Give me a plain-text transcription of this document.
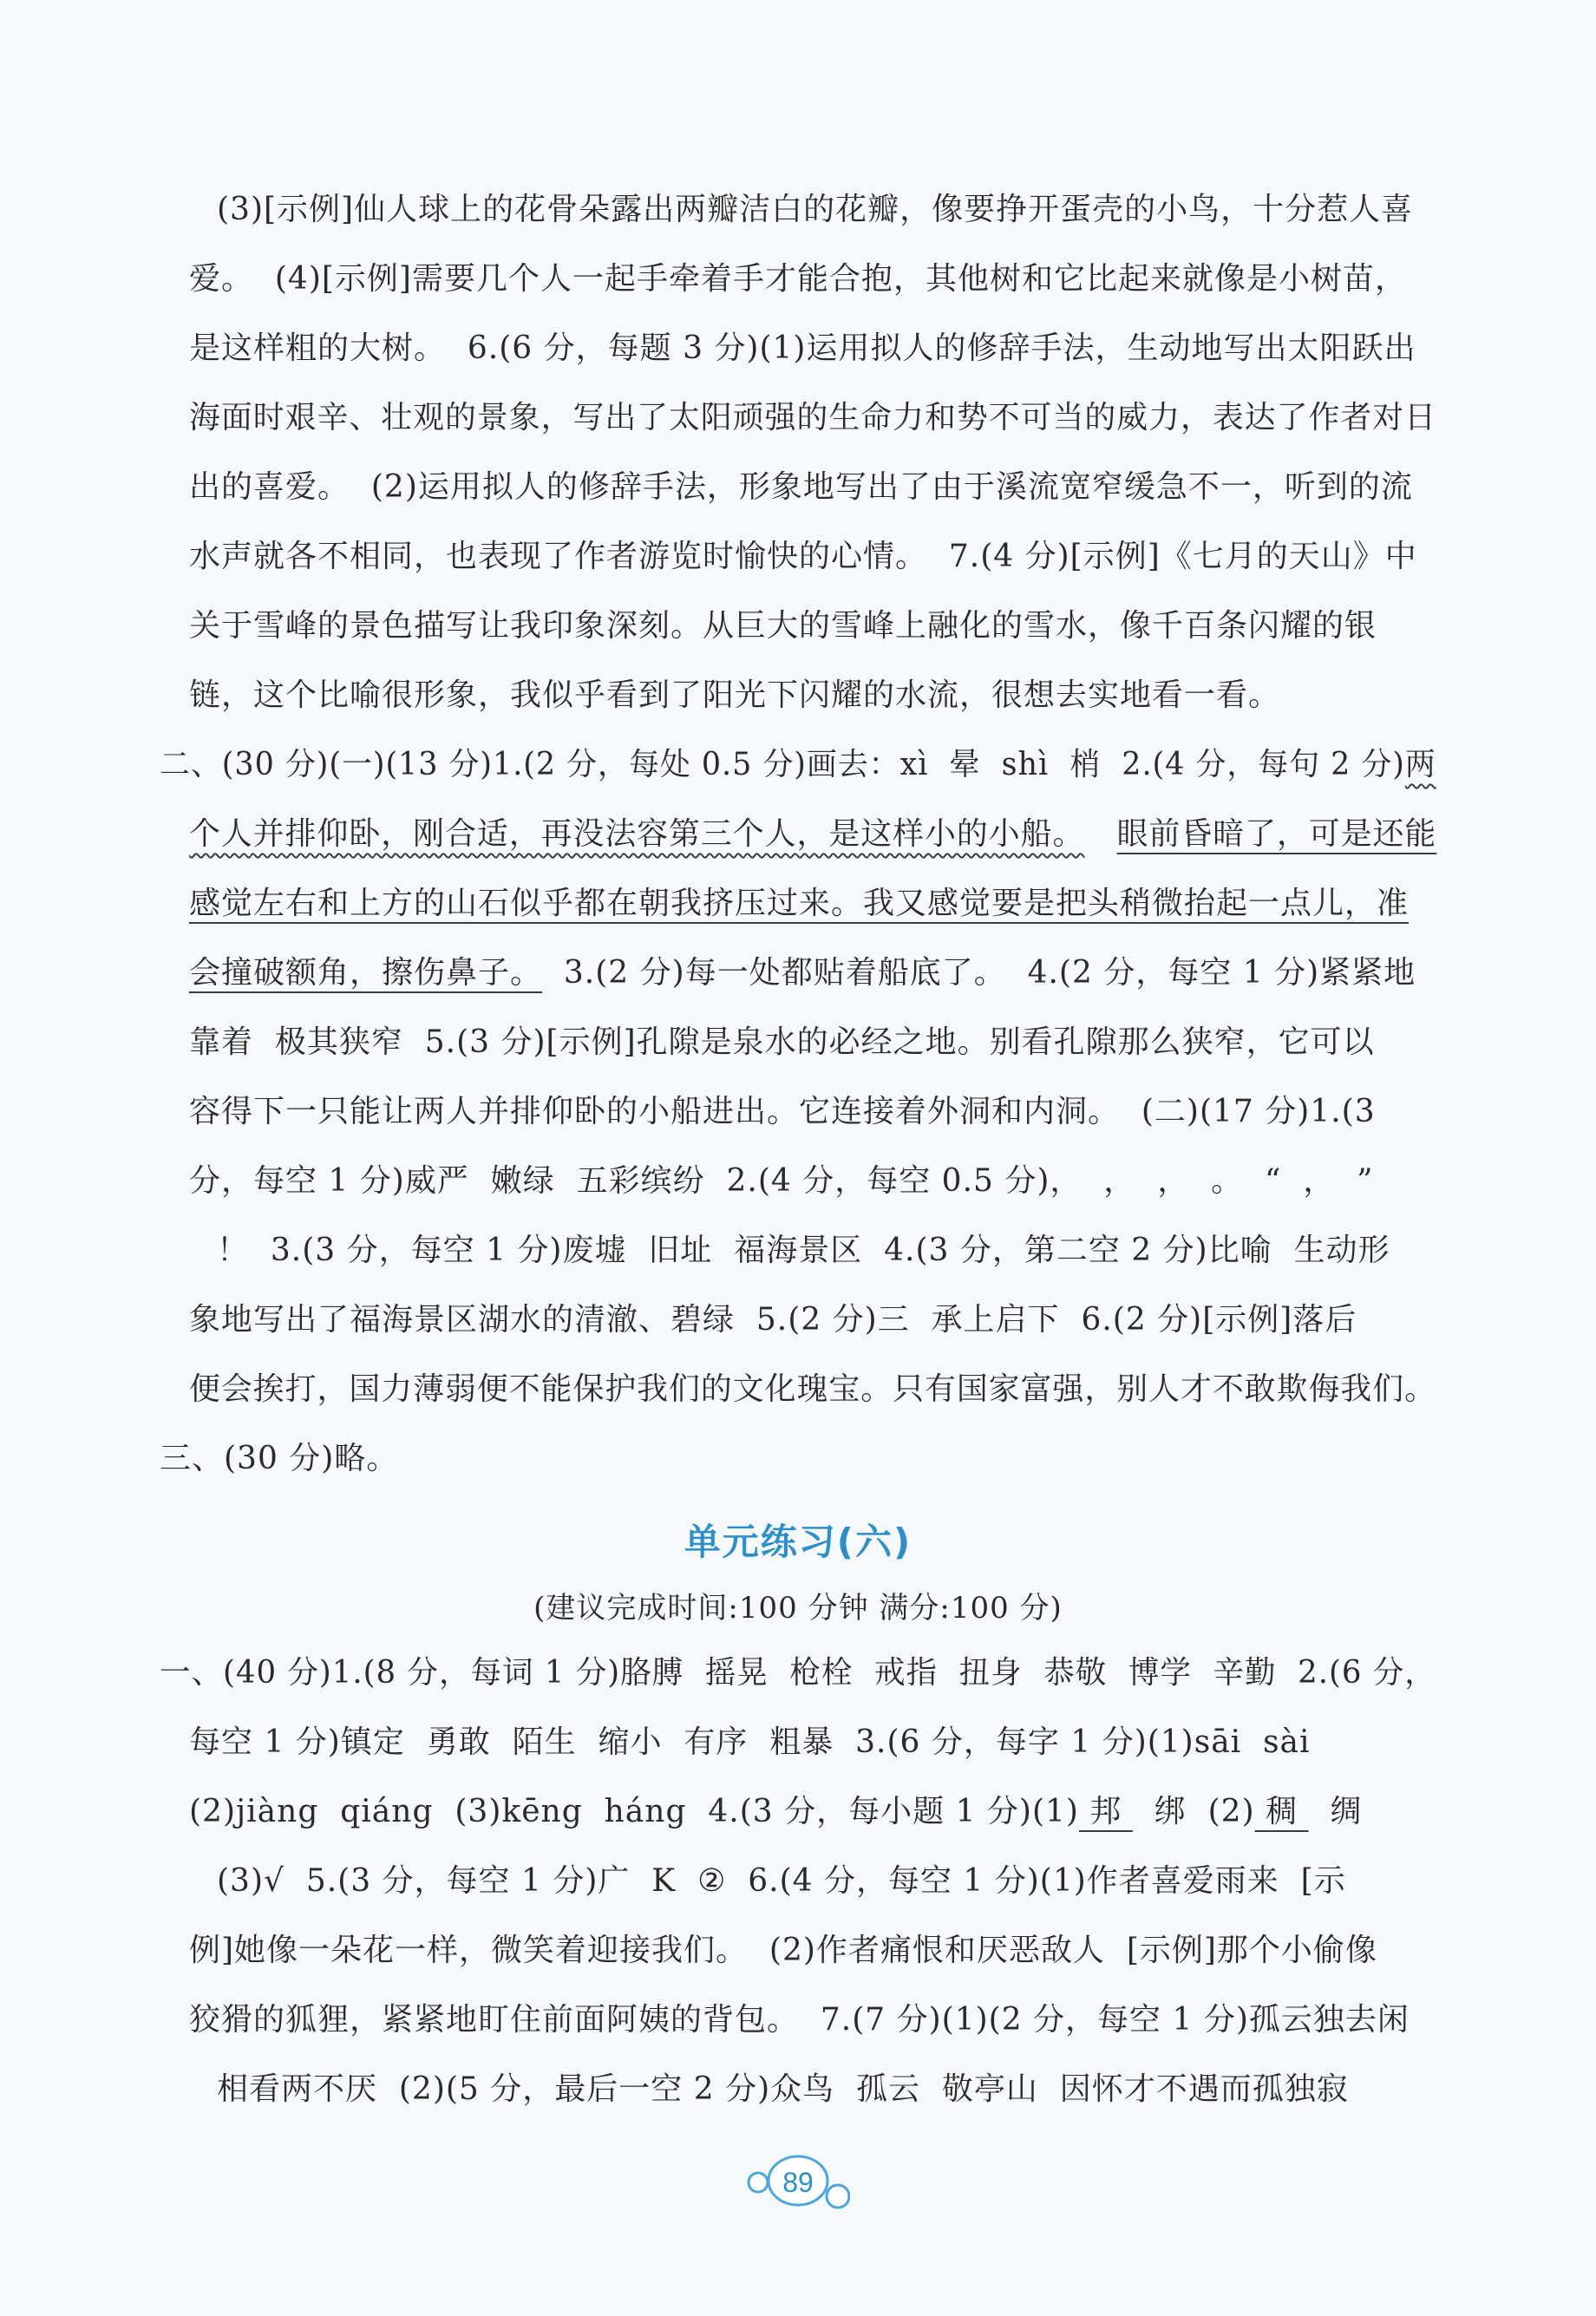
(3)[示例]仙人球上的花骨朵露出两瓣洁白的花瓣，像要挣开蛋壳的小鸟，十分惹人喜
爱。  (4)[示例]需要几个人一起手牵着手才能合抱，其他树和它比起来就像是小树苗，
是这样粗的大树。  6.(6 分，每题 3 分)(1)运用拟人的修辞手法，生动地写出太阳跃出
海面时艰辛、壮观的景象，写出了太阳顽强的生命力和势不可当的威力，表达了作者对日
出的喜爱。  (2)运用拟人的修辞手法，形象地写出了由于溪流宽窄缓急不一，听到的流
水声就各不相同，也表现了作者游览时愉快的心情。  7.(4 分)[示例]《七月的天山》中
关于雪峰的景色描写让我印象深刻。从巨大的雪峰上融化的雪水，像千百条闪耀的银
链，这个比喻很形象，我似乎看到了阳光下闪耀的水流，很想去实地看一看。
二、(30 分)(一)(13 分)1.(2 分，每处 0.5 分)画去：xì  晕  shì  梢  2.(4 分，每句 2 分)两
个人并排仰卧，刚合适，再没法容第三个人，是这样小的小船。 眼前昏暗了，可是还能
感觉左右和上方的山石似乎都在朝我挤压过来。我又感觉要是把头稍微抬起一点儿，准
会撞破额角，擦伤鼻子。  3.(2 分)每一处都贴着船底了。  4.(2 分，每空 1 分)紧紧地
靠着  极其狭窄  5.(3 分)[示例]孔隙是泉水的必经之地。别看孔隙那么狭窄，它可以
容得下一只能让两人并排仰卧的小船进出。它连接着外洞和内洞。  (二)(17 分)1.(3
分，每空 1 分)威严  嫩绿  五彩缤纷  2.(4 分，每空 0.5 分)，  ，  ，  。  “  ，  ”
！  3.(3 分，每空 1 分)废墟  旧址  福海景区  4.(3 分，第二空 2 分)比喻  生动形
象地写出了福海景区湖水的清澈、碧绿  5.(2 分)三  承上启下  6.(2 分)[示例]落后
便会挨打，国力薄弱便不能保护我们的文化瑰宝。只有国家富强，别人才不敢欺侮我们。
三、(30 分)略。
单元练习(六)
(建议完成时间:100 分钟 满分:100 分)
一、(40 分)1.(8 分，每词 1 分)胳膊  摇晃  枪栓  戒指  扭身  恭敬  博学  辛勤  2.(6 分，
每空 1 分)镇定  勇敢  陌生  缩小  有序  粗暴  3.(6 分，每字 1 分)(1)sāi  sài
(2)jiàng  qiáng  (3)kēng  háng  4.(3 分，每小题 1 分)(1) 邦   绑  (2) 稠   绸
(3)√  5.(3 分，每空 1 分)广  K  ②  6.(4 分，每空 1 分)(1)作者喜爱雨来  [示
例]她像一朵花一样，微笑着迎接我们。  (2)作者痛恨和厌恶敌人  [示例]那个小偷像
狡猾的狐狸，紧紧地盯住前面阿姨的背包。  7.(7 分)(1)(2 分，每空 1 分)孤云独去闲
相看两不厌  (2)(5 分，最后一空 2 分)众鸟  孤云  敬亭山  因怀才不遇而孤独寂
89
